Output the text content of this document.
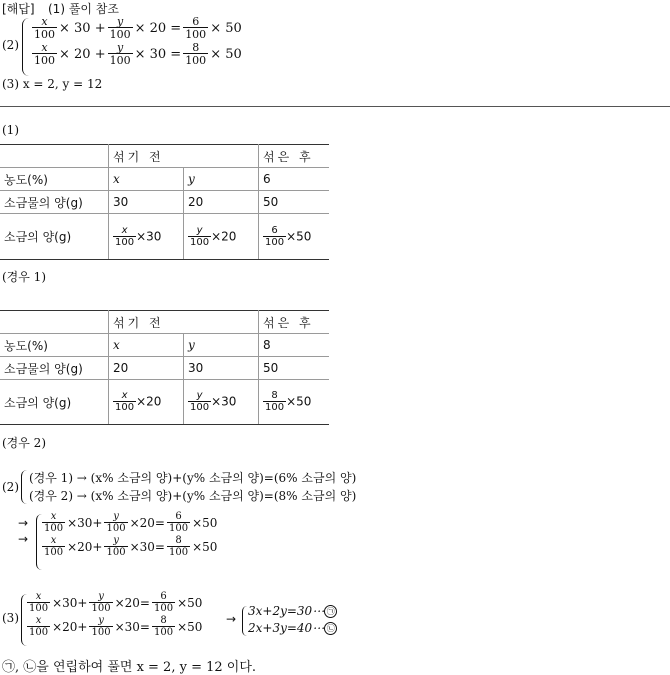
[해답] (1) 풀이 참조
(2)
$\frac{x}{100} \times 30 + \frac{y}{100} \times 20 = \frac{6}{100} \times 50$
$\frac{x}{100} \times 20 + \frac{y}{100} \times 30 = \frac{8}{100} \times 50$
(3) x = 2, y = 12
(1)
	섞기 전		섞은 후
농도(%)	x	y	6
소금물의 양(g)	30	20	50
소금의 양(g)	$\frac{x}{100} \times 30$	$\frac{y}{100} \times 20$	$\frac{6}{100} \times 50$
(경우 1)
	섞기 전		섞은 후
농도(%)	x	y	8
소금물의 양(g)	20	30	50
소금의 양(g)	$\frac{x}{100} \times 20$	$\frac{y}{100} \times 30$	$\frac{8}{100} \times 50$
(경우 2)
(2)
(경우 1) → (x% 소금의 양)+(y% 소금의 양)=(6% 소금의 양)
(경우 2) → (x% 소금의 양)+(y% 소금의 양)=(8% 소금의 양)
→
→
$\frac{x}{100} \times 30+ \frac{y}{100} \times 20= \frac{6}{100} \times 50$
$\frac{x}{100} \times 20+ \frac{y}{100} \times 30= \frac{8}{100} \times 50$
(3)
$\frac{x}{100} \times 30+ \frac{y}{100} \times 20= \frac{6}{100} \times 50$
$\frac{x}{100} \times 20+ \frac{y}{100} \times 30= \frac{8}{100} \times 50$
→
3x+2y=30⋯ ㉠
2x+3y=40⋯ ㉡
㉠, ㉡을 연립하여 풀면 x = 2, y = 12 이다.
